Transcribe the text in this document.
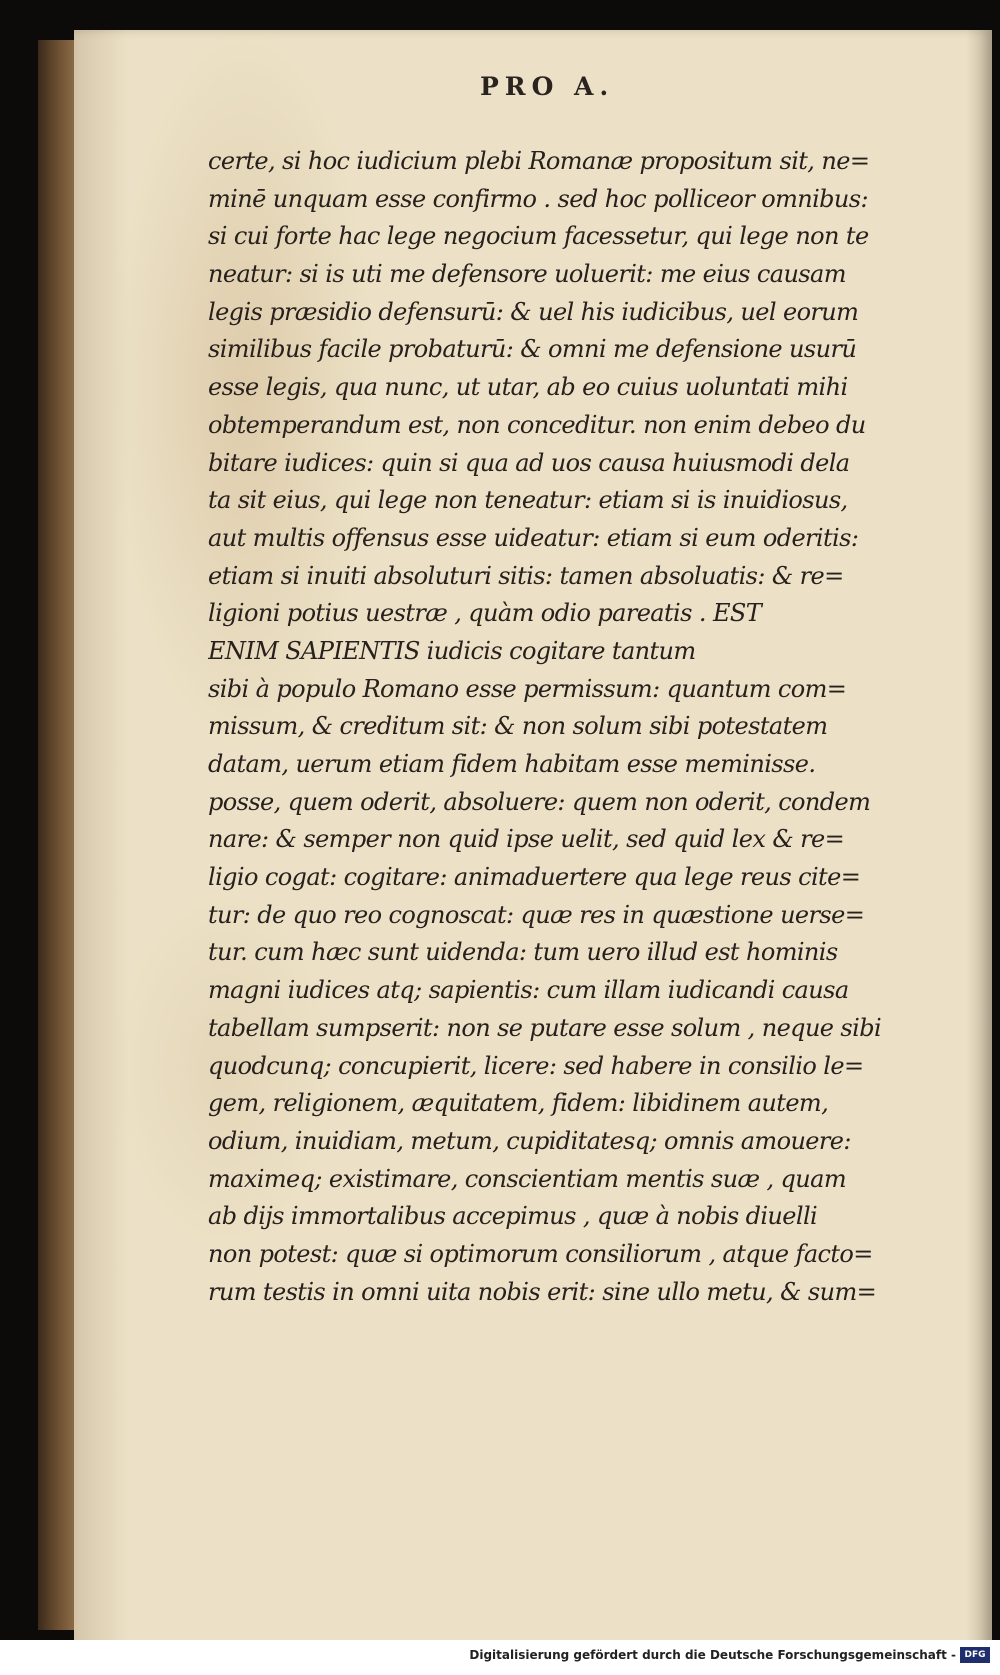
PRO A.
certe, si hoc iudicium plebi Romanæ propositum sit, ne=
minē unquam esse confirmo . sed hoc polliceor omnibus:
si cui forte hac lege negocium facessetur, qui lege non te
neatur: si is uti me defensore uoluerit: me eius causam
legis præsidio defensurū: & uel his iudicibus, uel eorum
similibus facile probaturū: & omni me defensione usurū
esse legis, qua nunc, ut utar, ab eo cuius uoluntati mihi
obtemperandum est, non conceditur. non enim debeo du
bitare iudices: quin si qua ad uos causa huiusmodi dela
ta sit eius, qui lege non teneatur: etiam si is inuidiosus,
aut multis offensus esse uideatur: etiam si eum oderitis:
etiam si inuiti absoluturi sitis: tamen absoluatis: & re=
ligioni potius uestræ , quàm odio pareatis . EST
ENIM SAPIENTIS iudicis cogitare tantum
sibi à populo Romano esse permissum: quantum com=
missum, & creditum sit: & non solum sibi potestatem
datam, uerum etiam fidem habitam esse meminisse.
posse, quem oderit, absoluere: quem non oderit, condem
nare: & semper non quid ipse uelit, sed quid lex & re=
ligio cogat: cogitare: animaduertere qua lege reus cite=
tur: de quo reo cognoscat: quæ res in quæstione uerse=
tur. cum hæc sunt uidenda: tum uero illud est hominis
magni iudices atq; sapientis: cum illam iudicandi causa
tabellam sumpserit: non se putare esse solum , neque sibi
quodcunq; concupierit, licere: sed habere in consilio le=
gem, religionem, æquitatem, fidem: libidinem autem,
odium, inuidiam, metum, cupiditatesq; omnis amouere:
maximeq; existimare, conscientiam mentis suæ , quam
ab dijs immortalibus accepimus , quæ à nobis diuelli
non potest: quæ si optimorum consiliorum , atque facto=
rum testis in omni uita nobis erit: sine ullo metu, & sum=
Digitalisierung gefördert durch die Deutsche Forschungsgemeinschaft - DFG
